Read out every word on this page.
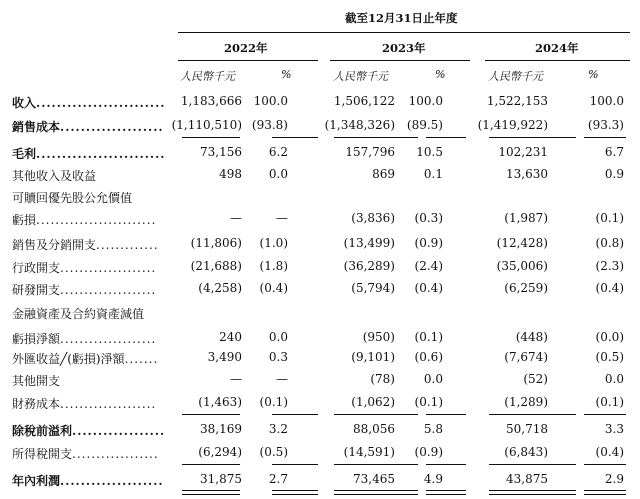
截至12月31日止年度
2022年	2023年	2024年
人民幣千元	%	人民幣千元	%	人民幣千元	%
收入......................... 1,183,666 100.0	1,506,122 100.0	1,522,153	100.0
銷售成本.................... (1,110,510) (93.8)	(1,348,326) (89.5)	(1,419,922)	(93.3)
毛利.........................	73,156 6.2	157,796 10.5	102,231	6.7
其他收入及收益	498 0.0	869 0.1	13,630	0.9
可贖回優先股公允價值
虧損.........................	—	—	(3,836) (0.3)	(1,987)	(0.1)
銷售及分銷開支.............	(11,806) (1.0)	(13,499) (0.9)	(12,428)	(0.8)
行政開支....................	(21,688) (1.8)	(36,289) (2.4)	(35,006)	(2.3)
研發開支....................	(4,258) (0.4)	(5,794) (0.4)	(6,259)	(0.4)
金融資產及合約資產減值
虧損淨額....................	240 0.0	(950) (0.1)	(448)	(0.0)
外匯收益╱(虧損)淨額.......	3,490 0.3	(9,101) (0.6)	(7,674)	(0.5)
其他開支	—	—	(78) 0.0	(52)	0.0
財務成本....................	(1,463) (0.1)	(1,062) (0.1)	(1,289)	(0.1)
除稅前溢利..................	38,169 3.2	88,056 5.8	50,718	3.3
所得稅開支..................	(6,294) (0.5)	(14,591) (0.9)	(6,843)	(0.4)
年內利潤....................	31,875 2.7	73,465 4.9	43,875	2.9
